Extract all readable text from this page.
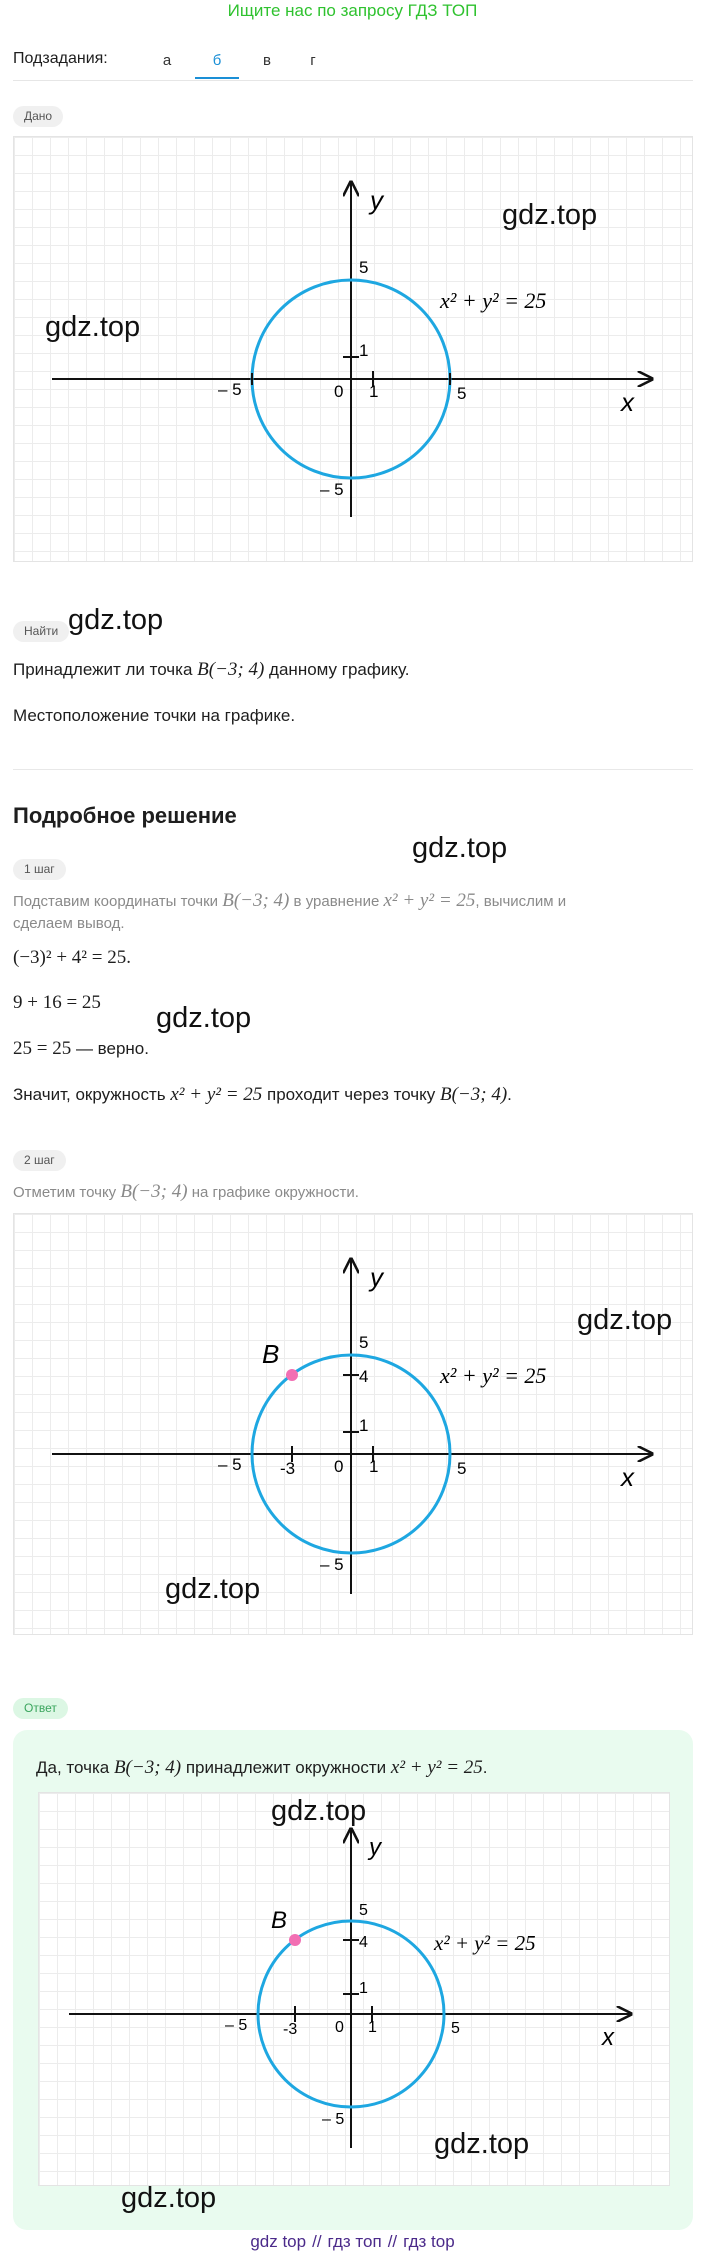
Ищите нас по запросу ГДЗ ТОП
Подзадания:	а	б	в	г
Дано
y
x
5
1
0 1	5
– 5
– 5
x² + y² = 25
gdz.top
gdz.top
Найти gdz.top
Принадлежит ли точка B(−3; 4) данному графику.
Местоположение точки на графике.
Подробное решение
gdz.top
1 шаг
Подставим координаты точки B(−3; 4) в уравнение x² + y² = 25, вычислим и
сделаем вывод.
(−3)² + 4² = 25.
9 + 16 = 25 gdz.top
25 = 25 — верно.
Значит, окружность x² + y² = 25 проходит через точку B(−3; 4).
2 шаг
Отметим точку B(−3; 4) на графике окружности.
B
y
x
5
4
1
0 1	5
– 5 -3
– 5
x² + y² = 25
gdz.top
gdz.top
Ответ
Да, точка B(−3; 4) принадлежит окружности x² + y² = 25.
B
y
x
5
4
1
0 1	5
– 5 -3
– 5
x² + y² = 25
gdz.top
gdz.top
gdz.top
gdz top // гдз топ // гдз top
